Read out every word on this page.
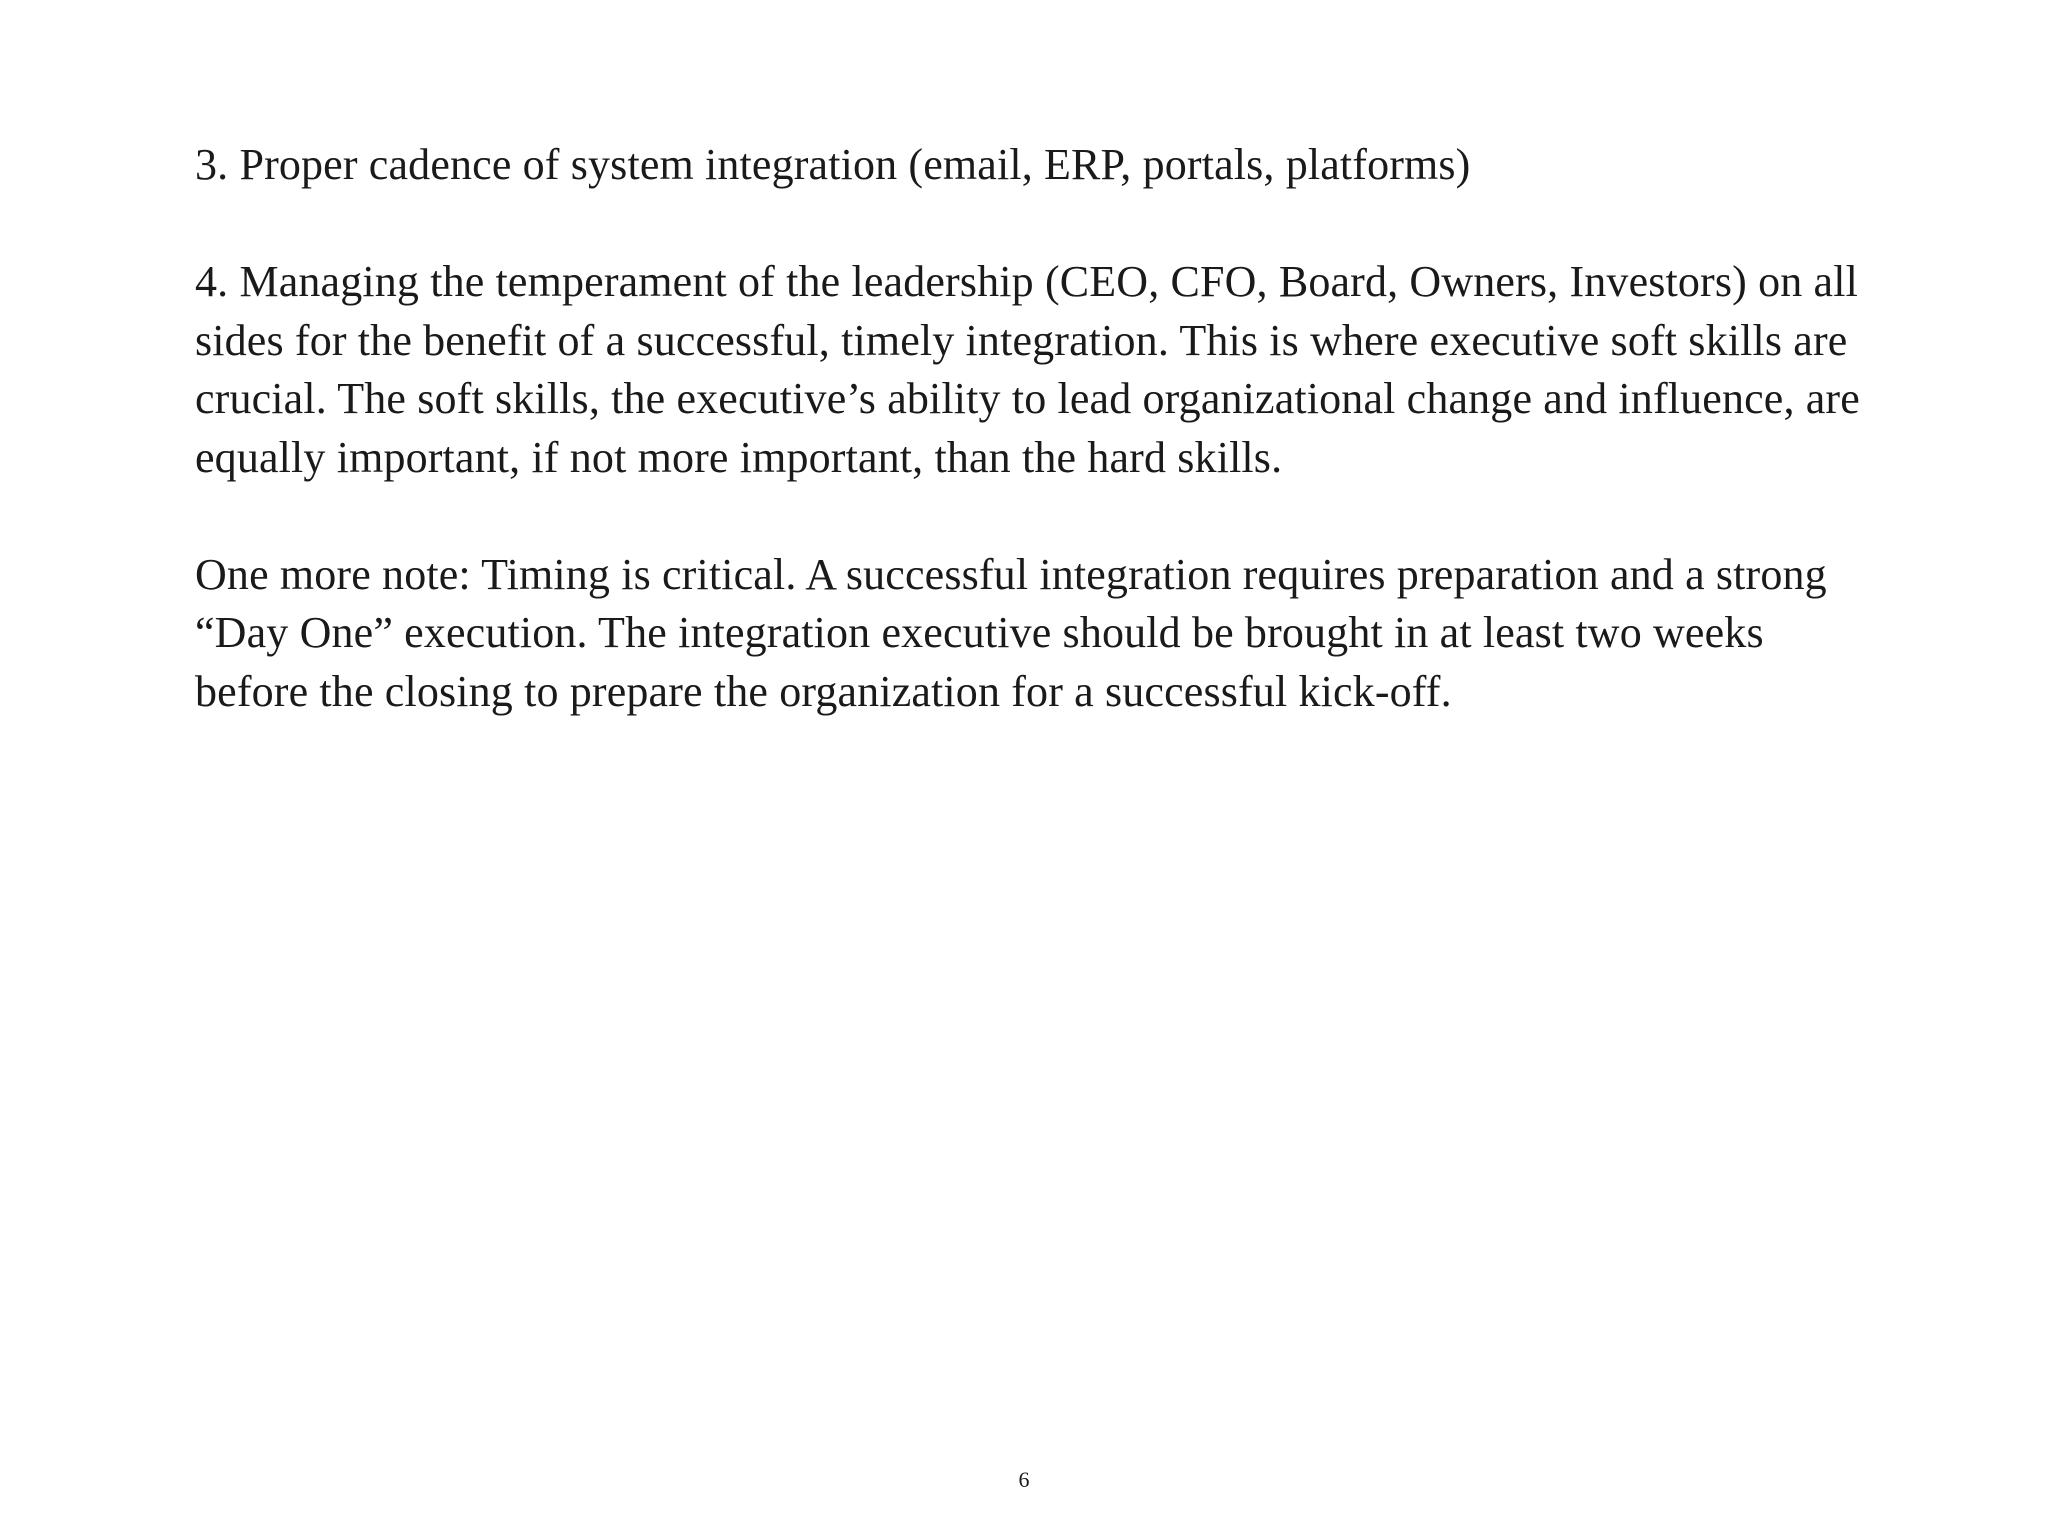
3. Proper cadence of system integration (email, ERP, portals, platforms)

4. Managing the temperament of the leadership (CEO, CFO, Board, Owners, Investors) on all sides for the benefit of a successful, timely integration. This is where executive soft skills are crucial. The soft skills, the executive’s ability to lead organizational change and influence, are equally important, if not more important, than the hard skills.

One more note: Timing is critical. A successful integration requires preparation and a strong “Day One” execution. The integration executive should be brought in at least two weeks before the closing to prepare the organization for a successful kick-off.

6
